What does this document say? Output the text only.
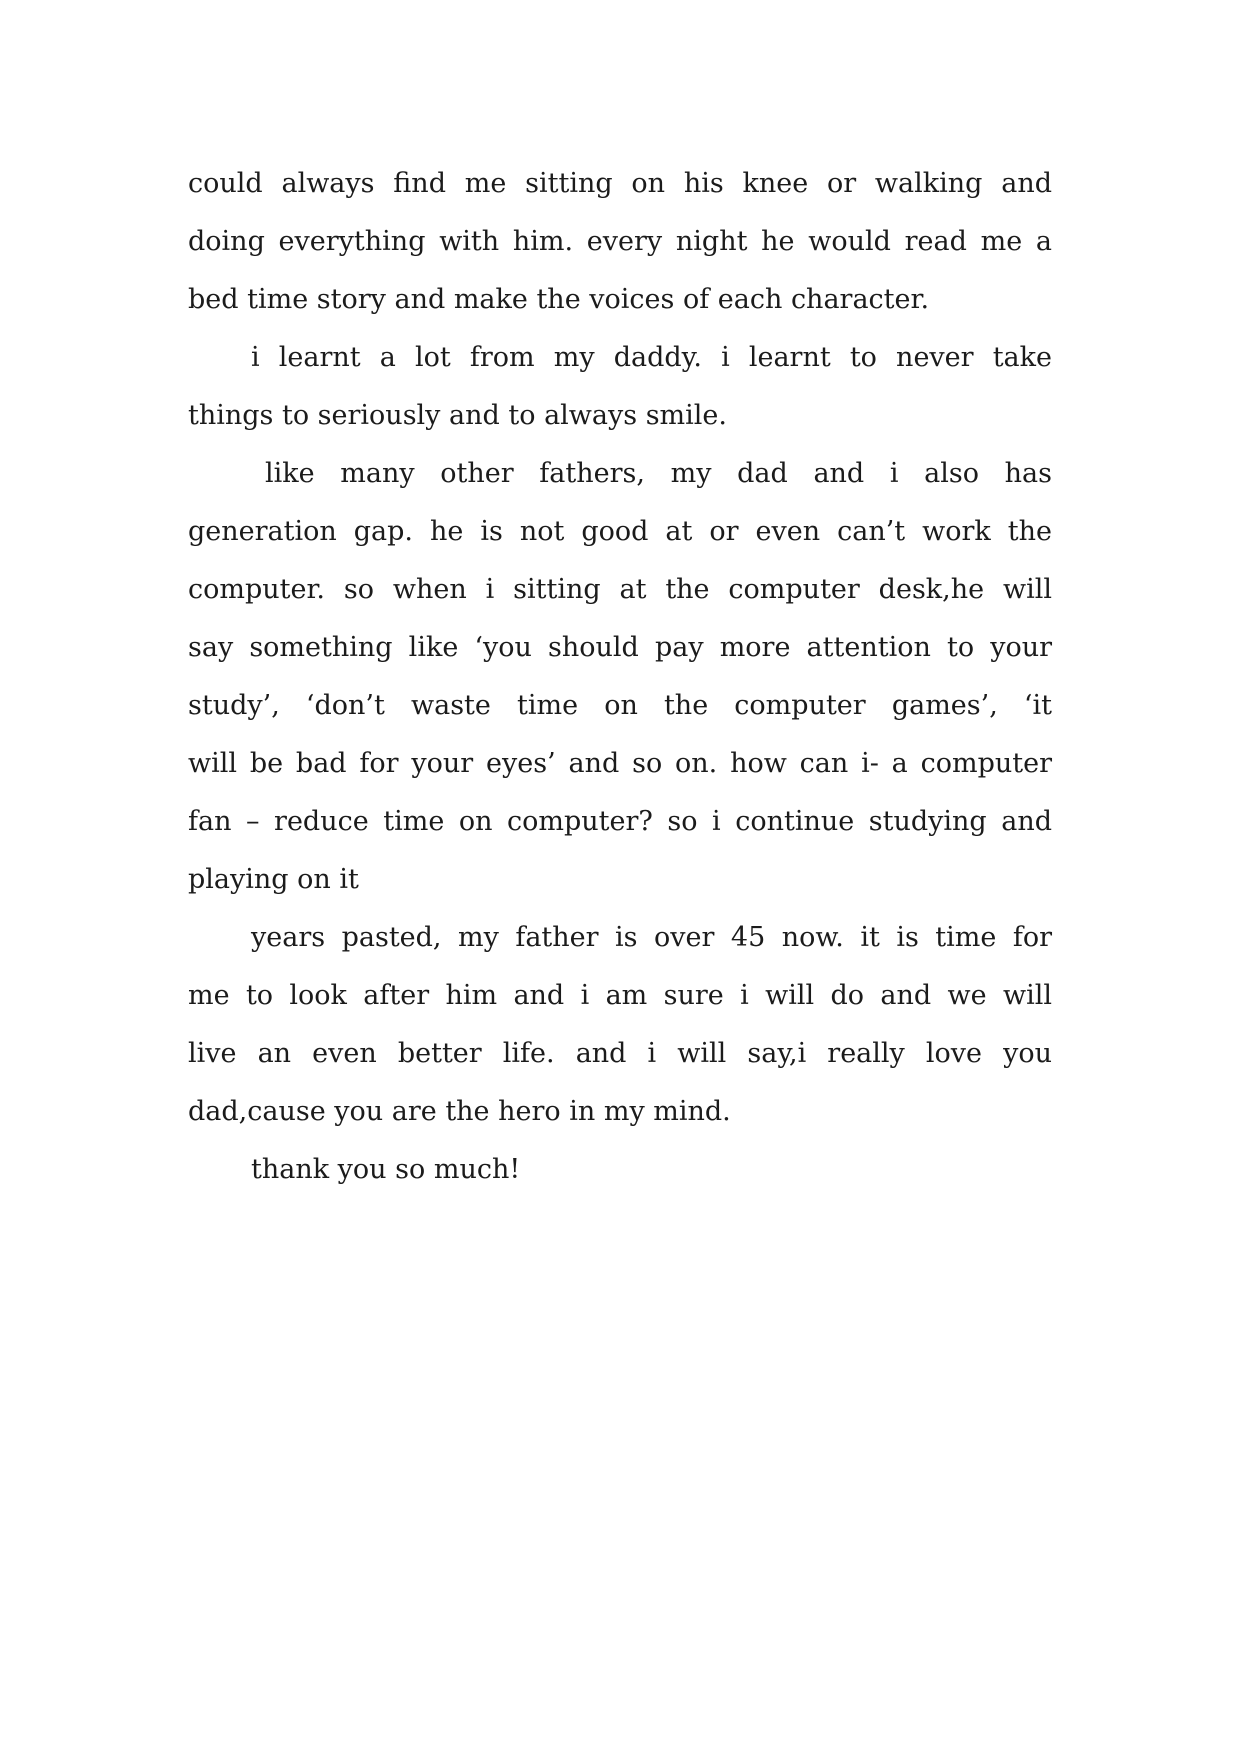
could always find me sitting on his knee or walking and
doing everything with him. every night he would read me a
bed time story and make the voices of each character.
i learnt a lot from my daddy. i learnt to never take
things to seriously and to always smile.
like many other fathers, my dad and i also has
generation gap. he is not good at or even can’t work the
computer. so when i sitting at the computer desk,he will
say something like ‘you should pay more attention to your
study’, ‘don’t waste time on the computer games’, ‘it
will be bad for your eyes’ and so on. how can i- a computer
fan – reduce time on computer? so i continue studying and
playing on it
years pasted, my father is over 45 now. it is time for
me to look after him and i am sure i will do and we will
live an even better life. and i will say,i really love you
dad,cause you are the hero in my mind.
thank you so much!
